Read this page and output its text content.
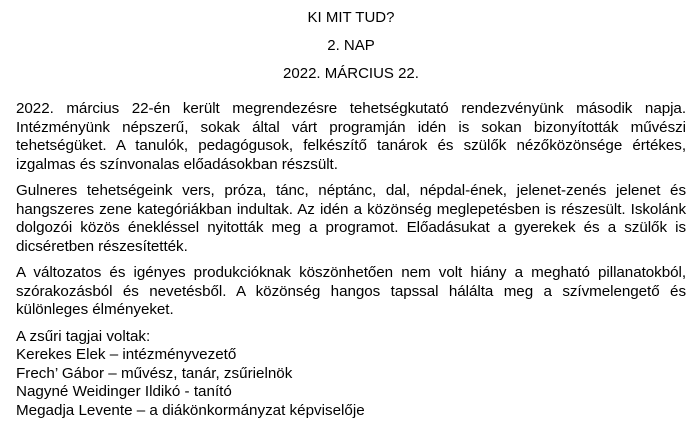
KI MIT TUD?
2. NAP
2022. MÁRCIUS 22.

2022. március 22-én került megrendezésre tehetségkutató rendezvényünk második napja. Intézményünk népszerű, sokak által várt programján idén is sokan bizonyították művészi tehetségüket. A tanulók, pedagógusok, felkészítő tanárok és szülők nézőközönsége értékes, izgalmas és színvonalas előadásokban részsült.

Gulneres tehetségeink vers, próza, tánc, néptánc, dal, népdal-ének, jelenet-zenés jelenet és hangszeres zene kategóriákban indultak. Az idén a közönség meglepetésben is részesült. Iskolánk dolgozói közös énekléssel nyitották meg a programot. Előadásukat a gyerekek és a szülők is dicséretben részesítették.

A változatos és igényes produkcióknak köszönhetően nem volt hiány a megható pillanatokból, szórakozásból és nevetésből. A közönség hangos tapssal hálálta meg a szívmelengető és különleges élményeket.

A zsűri tagjai voltak:
Kerekes Elek – intézményvezető
Frech’ Gábor – művész, tanár, zsűrielnök
Nagyné Weidinger Ildikó - tanító
Megadja Levente – a diákönkormányzat képviselője
